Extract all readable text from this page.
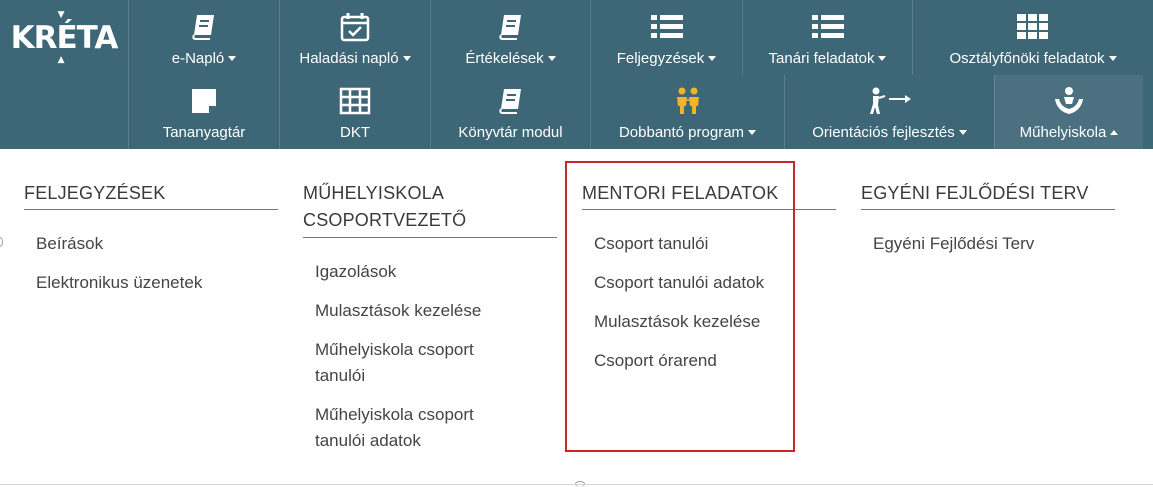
▼
KRÉTA
▲	e-Napló	Haladási napló	Értékelések	Feljegyzések	Tanári feladatok	Osztályfőnöki feladatok
Tananyagtár	DKT	Könyvtár modul	Dobbantó program	Orientációs fejlesztés	Műhelyiskola
FELJEGYZÉSEK
Beírások
Elektronikus üzenetek
MŰHELYISKOLA
CSOPORTVEZETŐ
Igazolások
Mulasztások kezelése
Műhelyiskola csoport tanulói
Műhelyiskola csoport tanulói adatok
MENTORI FELADATOK
Csoport tanulói
Csoport tanulói adatok
Mulasztások kezelése
Csoport órarend
EGYÉNI FEJLŐDÉSI TERV
Egyéni Fejlődési Terv
